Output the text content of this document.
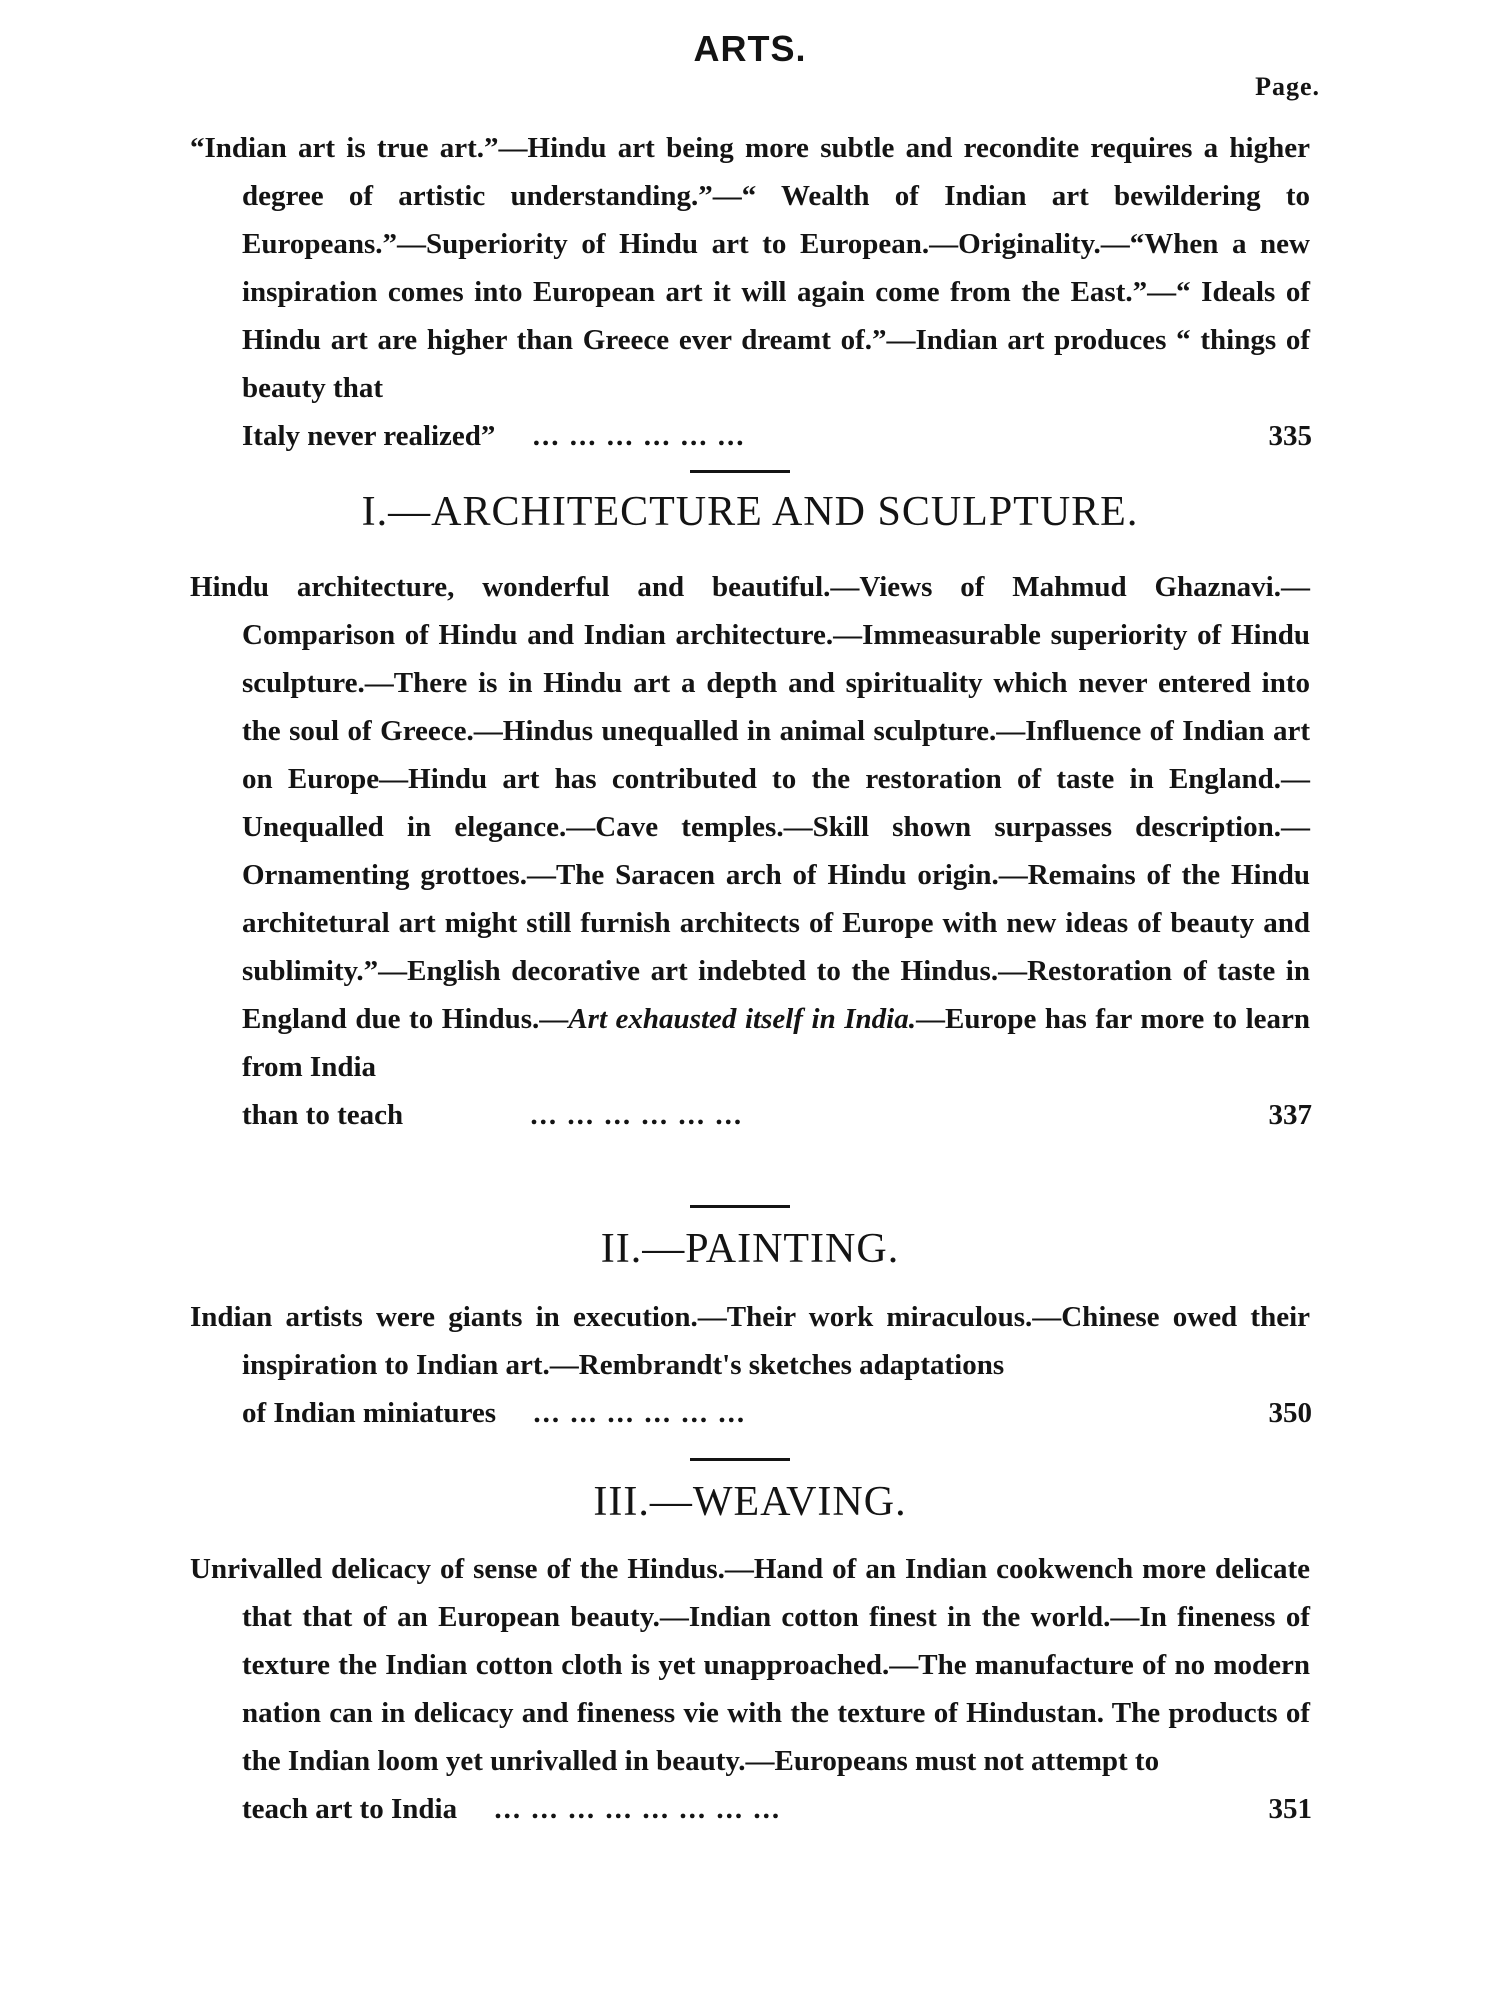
ARTS.
Page.
“Indian art is true art.”—Hindu art being more subtle and recondite requires a higher degree of artistic understanding.”—“ Wealth of Indian art bewildering to Europeans.”—Superiority of Hindu art to European.—Originality.—“When a new inspiration comes into European art it will again come from the East.”—“ Ideals of Hindu art are higher than Greece ever dreamt of.”—Indian art produces “ things of beauty that
Italy never realized” ... ... ... ... ... ...	335
I.—ARCHITECTURE AND SCULPTURE.
Hindu architecture, wonderful and beautiful.—Views of Mahmud Ghaznavi.—Comparison of Hindu and Indian architecture.—Immeasurable superiority of Hindu sculpture.—There is in Hindu art a depth and spirituality which never entered into the soul of Greece.—Hindus unequalled in animal sculpture.—Influence of Indian art on Europe—Hindu art has contributed to the restoration of taste in England.—Unequalled in elegance.—Cave temples.—Skill shown surpasses description.—Ornamenting grottoes.—The Saracen arch of Hindu origin.—Remains of the Hindu architetural art might still furnish architects of Europe with new ideas of beauty and sublimity.”—English decorative art indebted to the Hindus.—Restoration of taste in England due to Hindus.—Art exhausted itself in India.—Europe has far more to learn from India
than to teach	... ... ... ... ... ...	337
II.—PAINTING.
Indian artists were giants in execution.—Their work miraculous.—Chinese owed their inspiration to Indian art.—Rembrandt's sketches adaptations
of Indian miniatures ... ... ... ... ... ...	350
III.—WEAVING.
Unrivalled delicacy of sense of the Hindus.—Hand of an Indian cookwench more delicate that that of an European beauty.—Indian cotton finest in the world.—In fineness of texture the Indian cotton cloth is yet unapproached.—The manufacture of no modern nation can in delicacy and fineness vie with the texture of Hindustan. The products of the Indian loom yet unrivalled in beauty.—Europeans must not attempt to
teach art to India ... ... ... ... ... ... ... ...	351
